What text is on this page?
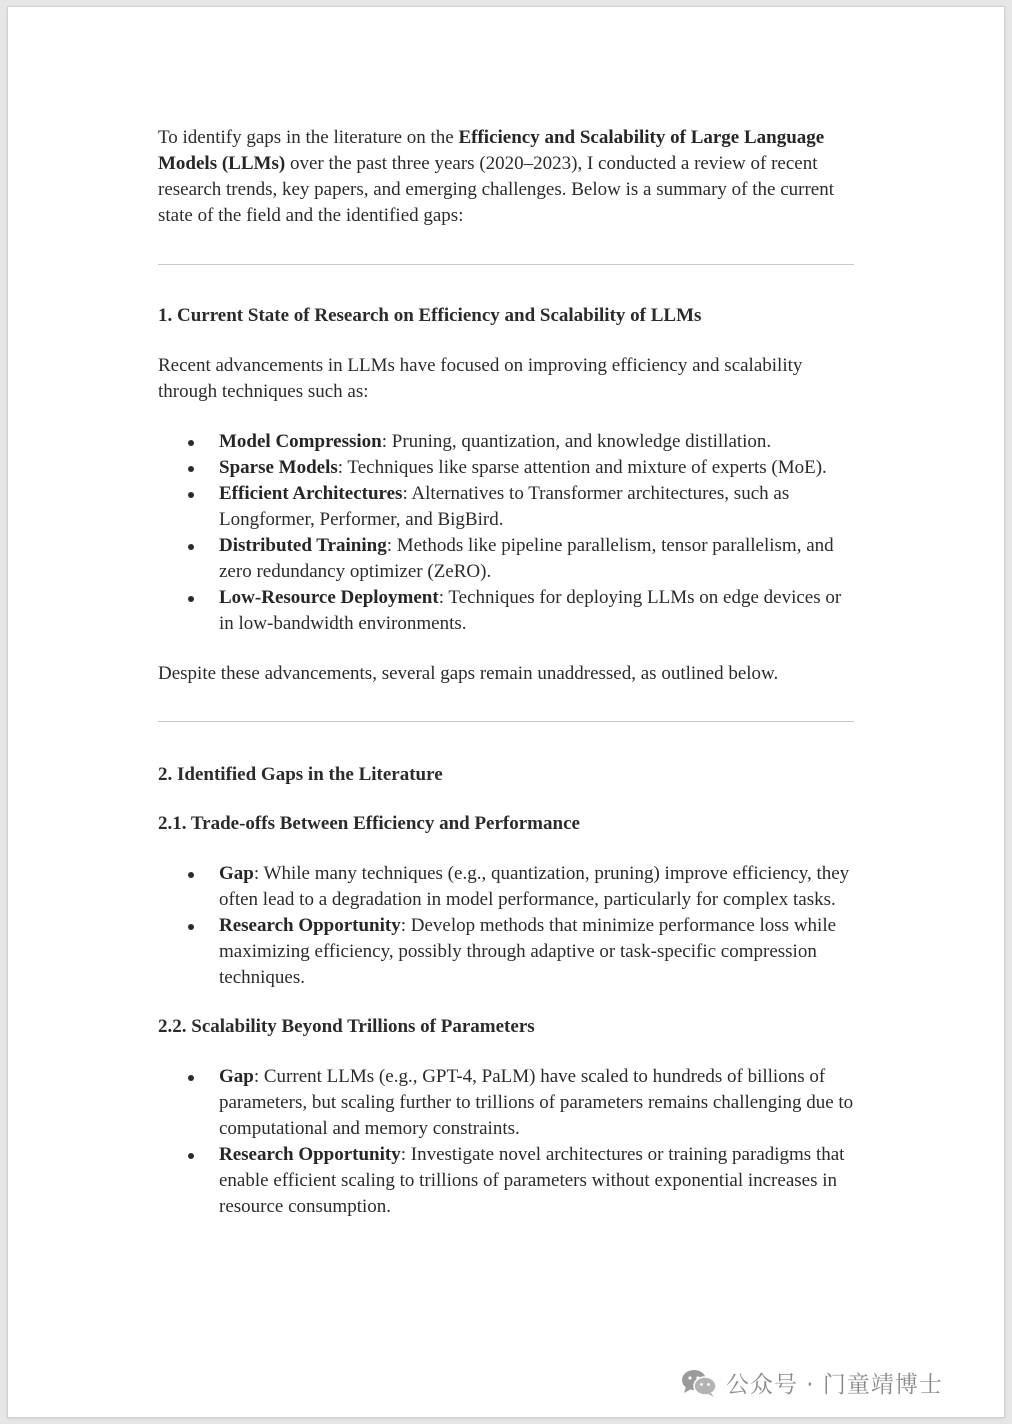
To identify gaps in the literature on the Efficiency and Scalability of Large Language Models (LLMs) over the past three years (2020–2023), I conducted a review of recent research trends, key papers, and emerging challenges. Below is a summary of the current state of the field and the identified gaps:

1. Current State of Research on Efficiency and Scalability of LLMs

Recent advancements in LLMs have focused on improving efficiency and scalability through techniques such as:

Model Compression: Pruning, quantization, and knowledge distillation.
Sparse Models: Techniques like sparse attention and mixture of experts (MoE).
Efficient Architectures: Alternatives to Transformer architectures, such as Longformer, Performer, and BigBird.
Distributed Training: Methods like pipeline parallelism, tensor parallelism, and zero redundancy optimizer (ZeRO).
Low-Resource Deployment: Techniques for deploying LLMs on edge devices or in low-bandwidth environments.

Despite these advancements, several gaps remain unaddressed, as outlined below.

2. Identified Gaps in the Literature

2.1. Trade-offs Between Efficiency and Performance

Gap: While many techniques (e.g., quantization, pruning) improve efficiency, they often lead to a degradation in model performance, particularly for complex tasks.
Research Opportunity: Develop methods that minimize performance loss while maximizing efficiency, possibly through adaptive or task-specific compression techniques.

2.2. Scalability Beyond Trillions of Parameters

Gap: Current LLMs (e.g., GPT-4, PaLM) have scaled to hundreds of billions of parameters, but scaling further to trillions of parameters remains challenging due to computational and memory constraints.
Research Opportunity: Investigate novel architectures or training paradigms that enable efficient scaling to trillions of parameters without exponential increases in resource consumption.
公众号 · 门童靖博士
